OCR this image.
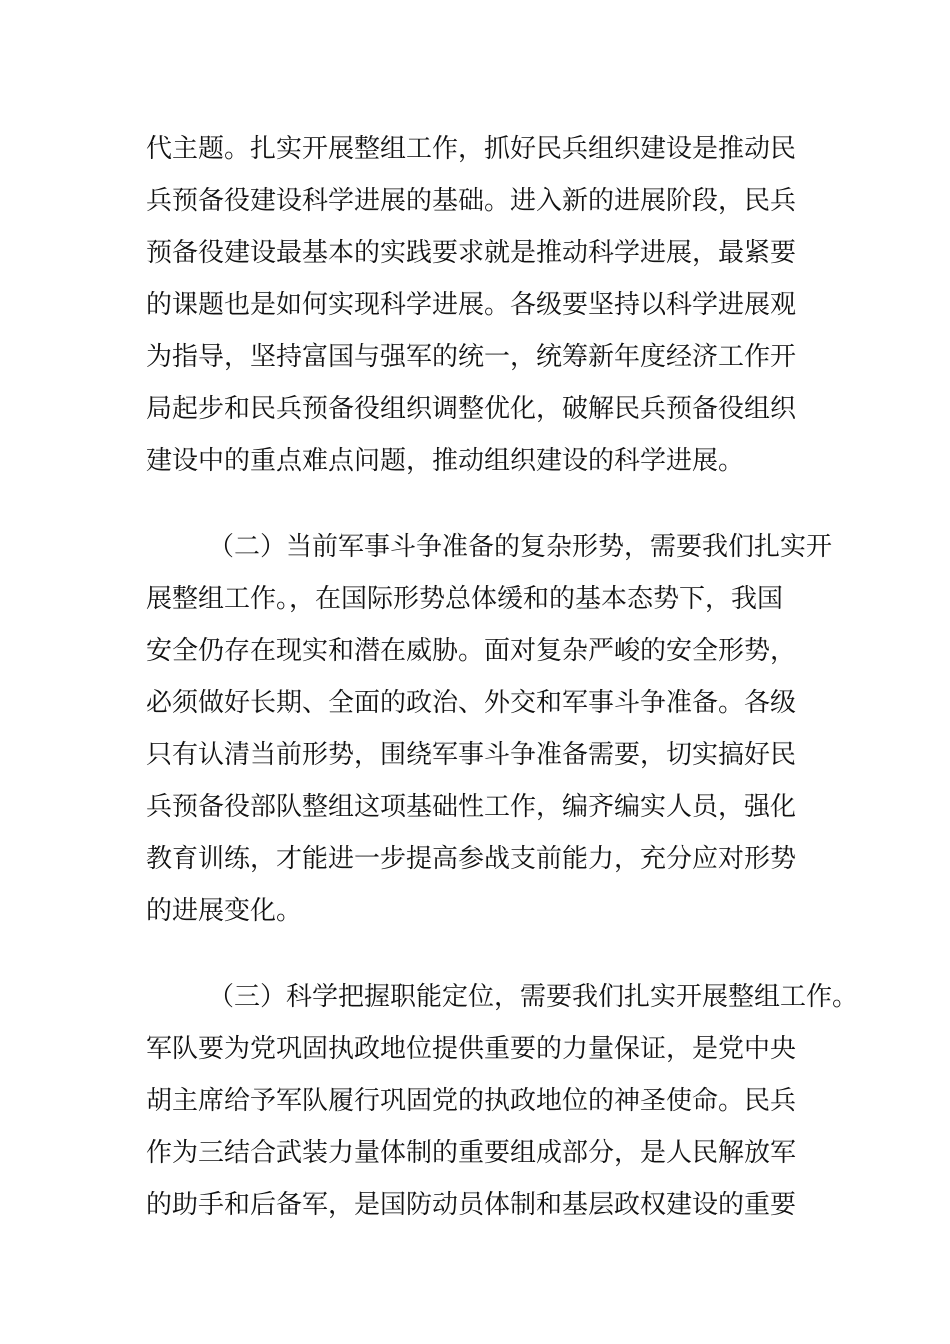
代主题。扎实开展整组工作，抓好民兵组织建设是推动民
兵预备役建设科学进展的基础。进入新的进展阶段，民兵
预备役建设最基本的实践要求就是推动科学进展，最紧要
的课题也是如何实现科学进展。各级要坚持以科学进展观
为指导，坚持富国与强军的统一，统筹新年度经济工作开
局起步和民兵预备役组织调整优化，破解民兵预备役组织
建设中的重点难点问题，推动组织建设的科学进展。
（二）当前军事斗争准备的复杂形势，需要我们扎实开
展整组工作。，在国际形势总体缓和的基本态势下，我国
安全仍存在现实和潜在威胁。面对复杂严峻的安全形势，
必须做好长期、全面的政治、外交和军事斗争准备。各级
只有认清当前形势，围绕军事斗争准备需要，切实搞好民
兵预备役部队整组这项基础性工作，编齐编实人员，强化
教育训练，才能进一步提高参战支前能力，充分应对形势
的进展变化。
（三）科学把握职能定位，需要我们扎实开展整组工作。
军队要为党巩固执政地位提供重要的力量保证，是党中央
胡主席给予军队履行巩固党的执政地位的神圣使命。民兵
作为三结合武装力量体制的重要组成部分，是人民解放军
的助手和后备军，是国防动员体制和基层政权建设的重要
